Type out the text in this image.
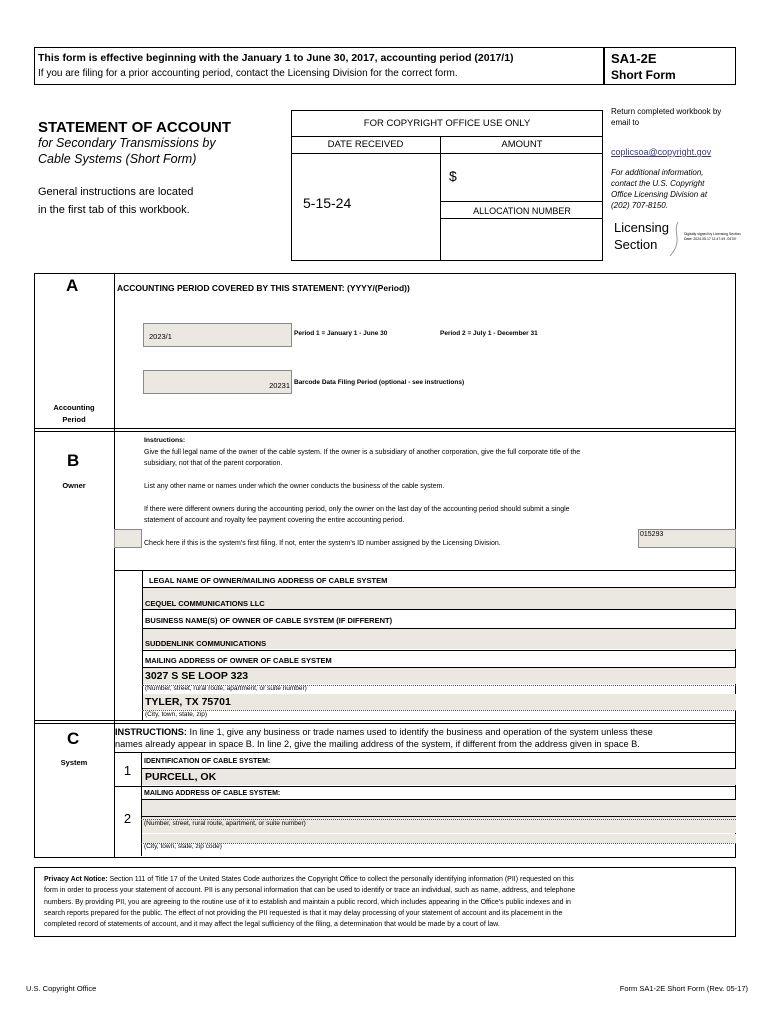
This form is effective beginning with the January 1 to June 30, 2017, accounting period (2017/1)
If you are filing for a prior accounting period, contact the Licensing Division for the correct form.
SA1-2E
Short Form
STATEMENT OF ACCOUNT
for Secondary Transmissions by
Cable Systems (Short Form)
General instructions are located
in the first tab of this workbook.
FOR COPYRIGHT OFFICE USE ONLY
DATE RECEIVED	AMOUNT
5-15-24
$
ALLOCATION NUMBER
Return completed workbook by
email to
coplicsoa@copyright.gov
For additional information,
contact the U.S. Copyright
Office Licensing Division at
(202) 707-8150.
Licensing
Section
Digitally signed by Licensing Section
Date: 2024.05.17 11:47:49 -04'00'
A	ACCOUNTING PERIOD COVERED BY THIS STATEMENT: (YYYY/(Period))
2023/1	Period 1 = January 1 - June 30	Period 2 = July 1 - December 31
20231 Barcode Data Filing Period (optional - see instructions)
Accounting
Period
B
Owner
Instructions:
Give the full legal name of the owner of the cable system. If the owner is a subsidiary of another corporation, give the full corporate title of the
subsidiary, not that of the parent corporation.
List any other name or names under which the owner conducts the business of the cable system.
If there were different owners during the accounting period, only the owner on the last day of the accounting period should submit a single
statement of account and royalty fee payment covering the entire accounting period.
Check here if this is the system's first filing. If not, enter the system's ID number assigned by the Licensing Division.
015293
LEGAL NAME OF OWNER/MAILING ADDRESS OF CABLE SYSTEM
CEQUEL COMMUNICATIONS LLC
BUSINESS NAME(S) OF OWNER OF CABLE SYSTEM (IF DIFFERENT)
SUDDENLINK COMMUNICATIONS
MAILING ADDRESS OF OWNER OF CABLE SYSTEM
3027 S SE LOOP 323
(Number, street, rural route, apartment, or suite number)
TYLER, TX 75701
(City, town, state, zip)
C
System
INSTRUCTIONS: In line 1, give any business or trade names used to identify the business and operation of the system unless these
names already appear in space B. In line 2, give the mailing address of the system, if different from the address given in space B.
1
IDENTIFICATION OF CABLE SYSTEM:
PURCELL, OK
MAILING ADDRESS OF CABLE SYSTEM:
2	(Number, street, rural route, apartment, or suite number)
(City, town, state, zip code)
Privacy Act Notice: Section 111 of Title 17 of the United States Code authorizes the Copyright Office to collect the personally identifying information (PII) requested on this
form in order to process your statement of account. PII is any personal information that can be used to identify or trace an individual, such as name, address, and telephone
numbers. By providing PII, you are agreeing to the routine use of it to establish and maintain a public record, which includes appearing in the Office's public indexes and in
search reports prepared for the public. The effect of not providing the PII requested is that it may delay processing of your statement of account and its placement in the
completed record of statements of account, and it may affect the legal sufficiency of the filing, a determination that would be made by a court of law.
U.S. Copyright Office	Form SA1-2E Short Form (Rev. 05-17)
